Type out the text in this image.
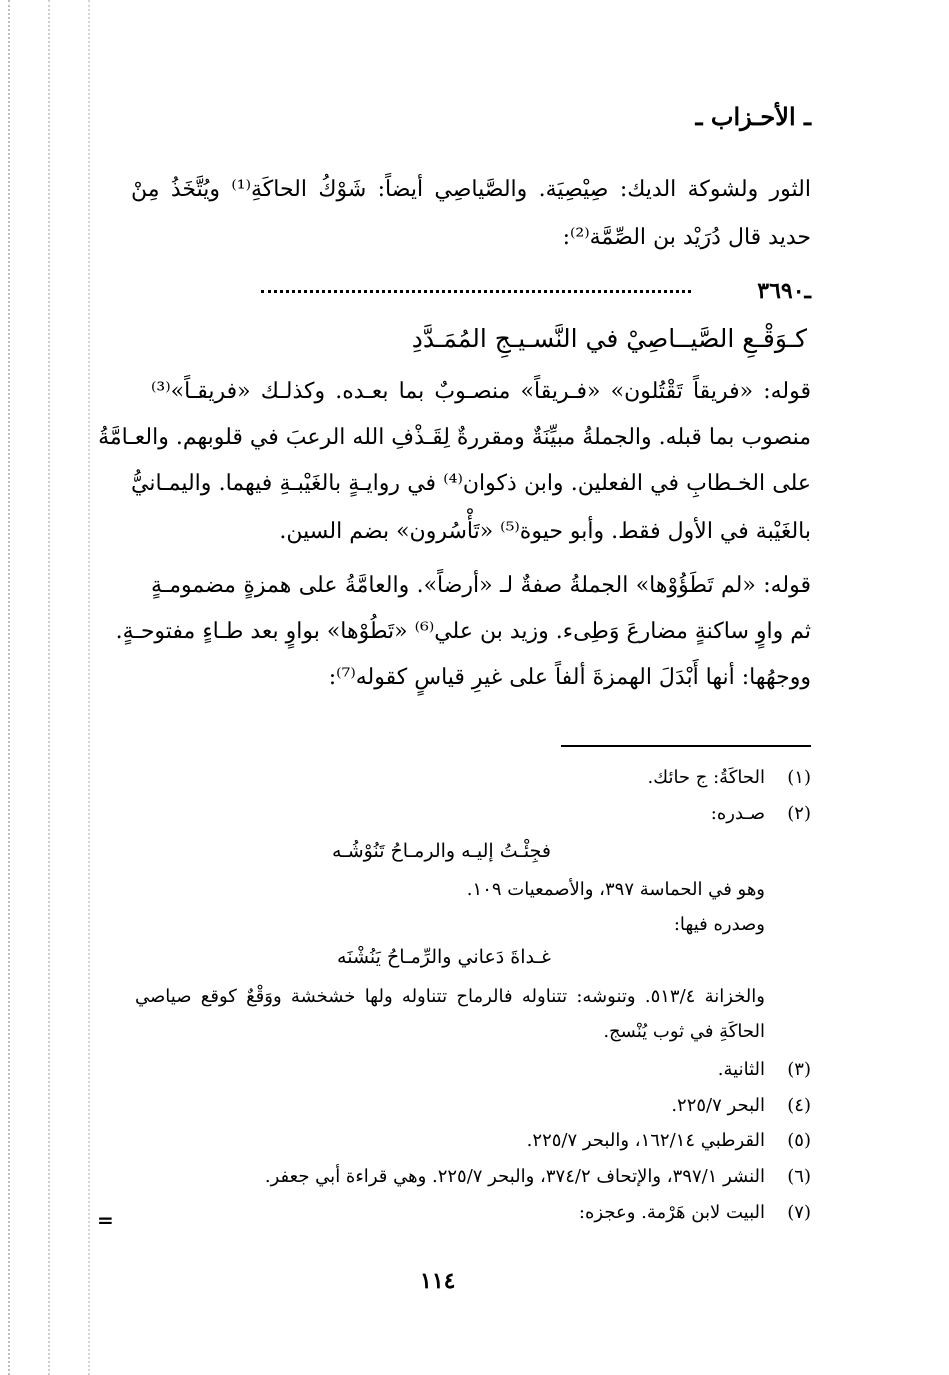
ـ الأحـزاب ـ
الثور ولشوكة الديك: صِيْصِيَة. والصَّياصِي أيضاً: شَوْكُ الحاكَةِ⁽¹⁾ ويُتَّخَذُ مِنْ
حديد قال دُرَيْد بن الصِّمَّة⁽²⁾:
ـ٣٦٩٠
كـوَقْـعِ الصَّيــاصِيْ في النَّسـيـجِ المُمَـدَّدِ
قوله: «فريقاً تَقْتُلون» «فـريقاً» منصـوبٌ بما بعـده. وكذلـك «فريقـاً»⁽³⁾
منصوب بما قبله. والجملةُ مبيِّنَةٌ ومقررةٌ لِقَـذْفِ الله الرعبَ في قلوبهم. والعـامَّةُ
على الخـطابِ في الفعلين. وابن ذكوان⁽⁴⁾ في روايـةٍ بالغَيْبـةِ فيهما. واليمـانيُّ
بالغَيْبة في الأول فقط. وأبو حيوة⁽⁵⁾ «تَأْسُرون» بضم السين.
قوله: «لم تَطَؤُوْها» الجملةُ صفةٌ لـ «أرضاً». والعامَّةُ على همزةٍ مضمومـةٍ
ثم واوٍ ساكنةٍ مضارعَ وَطِىء. وزيد بن علي⁽⁶⁾ «تَطُوْها» بواوٍ بعد طـاءٍ مفتوحـةٍ.
ووجهُها: أنها أَبْدَلَ الهمزةَ ألفاً على غيرِ قياسٍ كقوله⁽⁷⁾:
(١)الحاكَةُ: ج حائك.
(٢)صـدره:
فجِئْـتُ إليـه والرمـاحُ تَنُوْشُـه
وهو في الحماسة ٣٩٧، والأصمعيات ١٠٩.
وصدره فيها:
غـداةَ دَعاني والرِّمـاحُ يَنُشْنَه
والخزانة ٥١٣/٤. وتنوشه: تتناوله فالرماح تتناوله ولها خشخشة ووَقْعٌ كوقع صياصي
الحاكَةِ في ثوب يُنْسج.
(٣)الثانية.
(٤)البحر ٢٢٥/٧.
(٥)القرطبي ١٦٢/١٤، والبحر ٢٢٥/٧.
(٦)النشر ٣٩٧/١، والإتحاف ٣٧٤/٢، والبحر ٢٢٥/٧. وهي قراءة أبي جعفر.
(٧)البيت لابن هَرْمة. وعجزه:
=
١١٤
